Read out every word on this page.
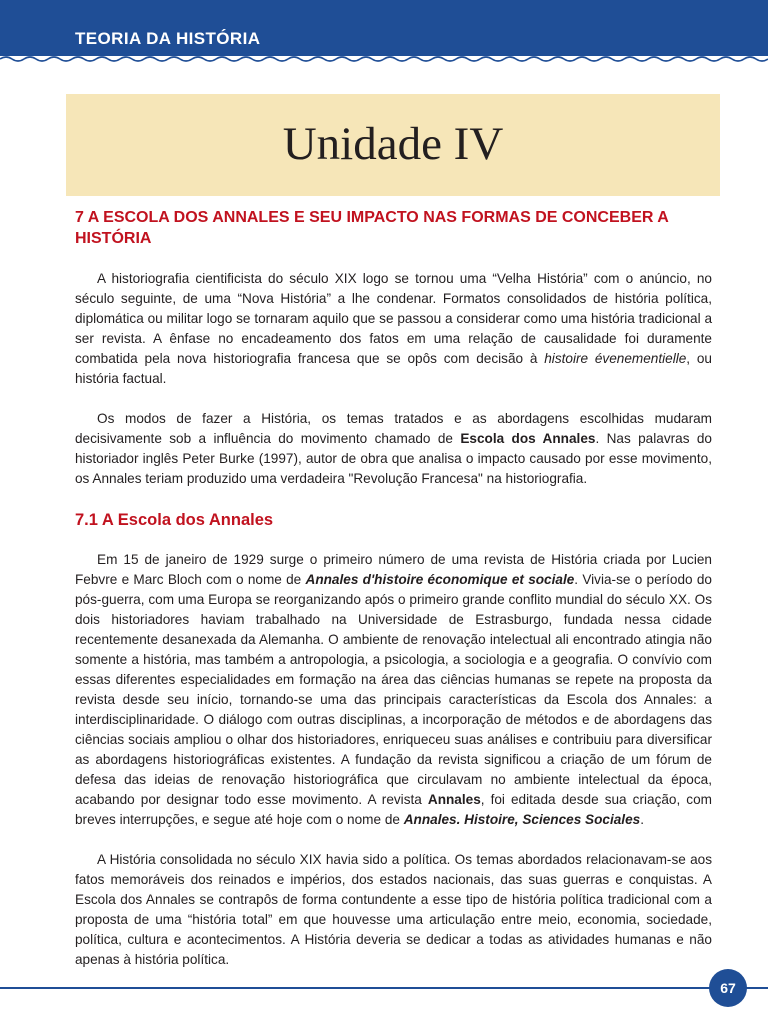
TEORIA DA HISTÓRIA
Unidade IV
7 A ESCOLA DOS ANNALES E SEU IMPACTO NAS FORMAS DE CONCEBER A HISTÓRIA

A historiografia cientificista do século XIX logo se tornou uma “Velha História” com o anúncio, no século seguinte, de uma “Nova História” a lhe condenar. Formatos consolidados de história política, diplomática ou militar logo se tornaram aquilo que se passou a considerar como uma história tradicional a ser revista. A ênfase no encadeamento dos fatos em uma relação de causalidade foi duramente combatida pela nova historiografia francesa que se opôs com decisão à histoire évenementielle, ou história factual.

Os modos de fazer a História, os temas tratados e as abordagens escolhidas mudaram decisivamente sob a influência do movimento chamado de Escola dos Annales. Nas palavras do historiador inglês Peter Burke (1997), autor de obra que analisa o impacto causado por esse movimento, os Annales teriam produzido uma verdadeira "Revolução Francesa" na historiografia.

7.1 A Escola dos Annales

Em 15 de janeiro de 1929 surge o primeiro número de uma revista de História criada por Lucien Febvre e Marc Bloch com o nome de Annales d'histoire économique et sociale. Vivia-se o período do pós-guerra, com uma Europa se reorganizando após o primeiro grande conflito mundial do século XX. Os dois historiadores haviam trabalhado na Universidade de Estrasburgo, fundada nessa cidade recentemente desanexada da Alemanha. O ambiente de renovação intelectual ali encontrado atingia não somente a história, mas também a antropologia, a psicologia, a sociologia e a geografia. O convívio com essas diferentes especialidades em formação na área das ciências humanas se repete na proposta da revista desde seu início, tornando-se uma das principais características da Escola dos Annales: a interdisciplinaridade. O diálogo com outras disciplinas, a incorporação de métodos e de abordagens das ciências sociais ampliou o olhar dos historiadores, enriqueceu suas análises e contribuiu para diversificar as abordagens historiográficas existentes. A fundação da revista significou a criação de um fórum de defesa das ideias de renovação historiográfica que circulavam no ambiente intelectual da época, acabando por designar todo esse movimento. A revista Annales, foi editada desde sua criação, com breves interrupções, e segue até hoje com o nome de Annales. Histoire, Sciences Sociales.

A História consolidada no século XIX havia sido a política. Os temas abordados relacionavam-se aos fatos memoráveis dos reinados e impérios, dos estados nacionais, das suas guerras e conquistas. A Escola dos Annales se contrapôs de forma contundente a esse tipo de história política tradicional com a proposta de uma “história total” em que houvesse uma articulação entre meio, economia, sociedade, política, cultura e acontecimentos. A História deveria se dedicar a todas as atividades humanas e não apenas à história política.

67
